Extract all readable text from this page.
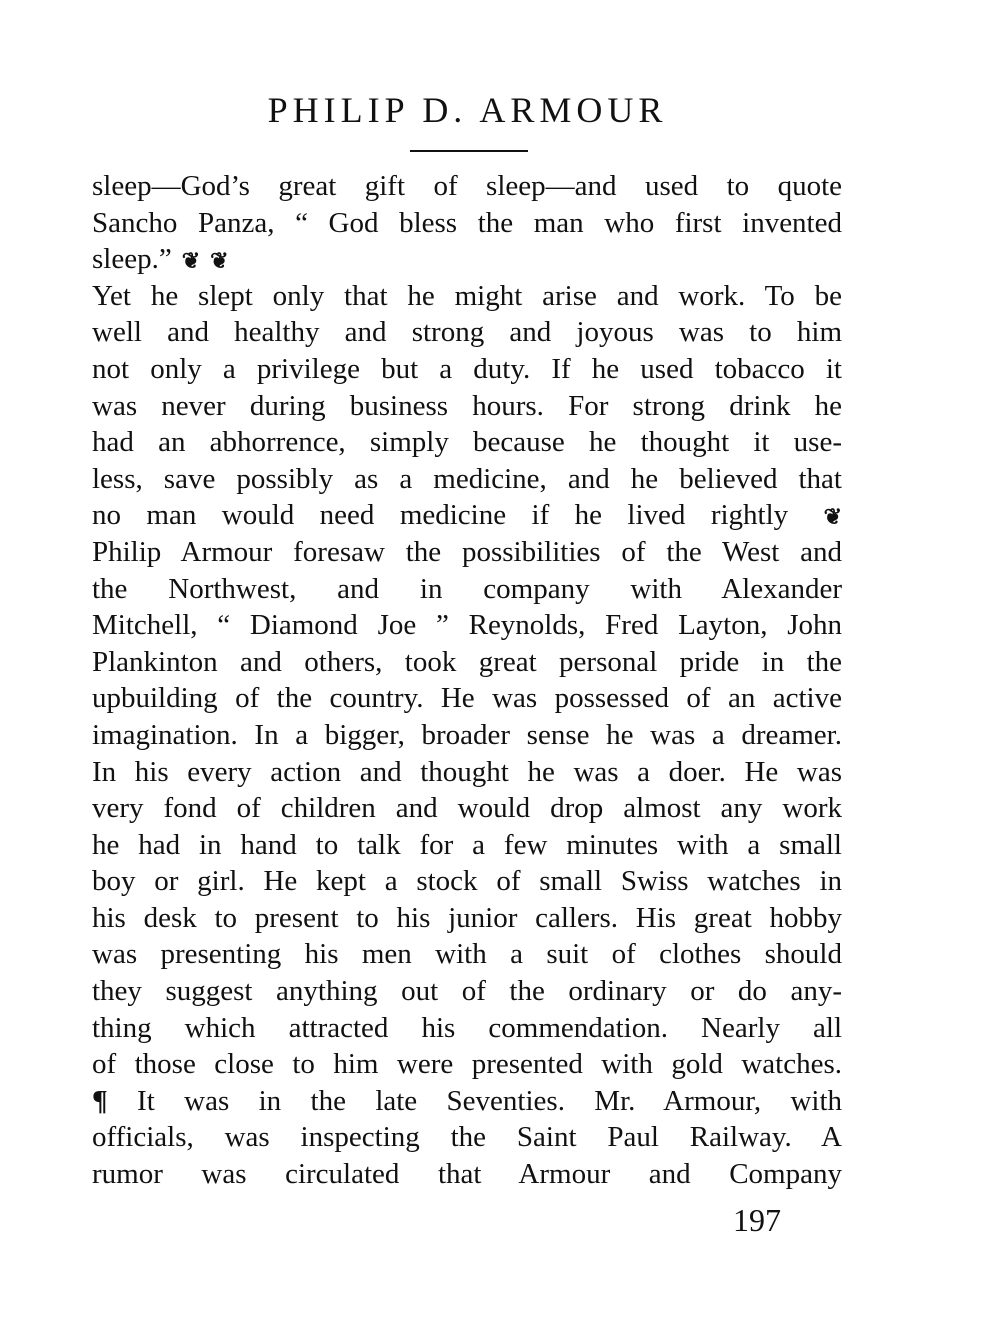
PHILIP D. ARMOUR
sleep—God’s great gift of sleep—and used to quote
Sancho Panza, “ God bless the man who first invented
sleep.” ❦ ❦
Yet he slept only that he might arise and work. To be
well and healthy and strong and joyous was to him
not only a privilege but a duty. If he used tobacco it
was never during business hours. For strong drink he
had an abhorrence, simply because he thought it use-
less, save possibly as a medicine, and he believed that
no man would need medicine if he lived rightly ❦
Philip Armour foresaw the possibilities of the West and
the Northwest, and in company with Alexander
Mitchell, “ Diamond Joe ” Reynolds, Fred Layton, John
Plankinton and others, took great personal pride in the
upbuilding of the country. He was possessed of an active
imagination. In a bigger, broader sense he was a dreamer.
In his every action and thought he was a doer. He was
very fond of children and would drop almost any work
he had in hand to talk for a few minutes with a small
boy or girl. He kept a stock of small Swiss watches in
his desk to present to his junior callers. His great hobby
was presenting his men with a suit of clothes should
they suggest anything out of the ordinary or do any-
thing which attracted his commendation. Nearly all
of those close to him were presented with gold watches.
¶ It was in the late Seventies. Mr. Armour, with
officials, was inspecting the Saint Paul Railway. A
rumor was circulated that Armour and Company
197
